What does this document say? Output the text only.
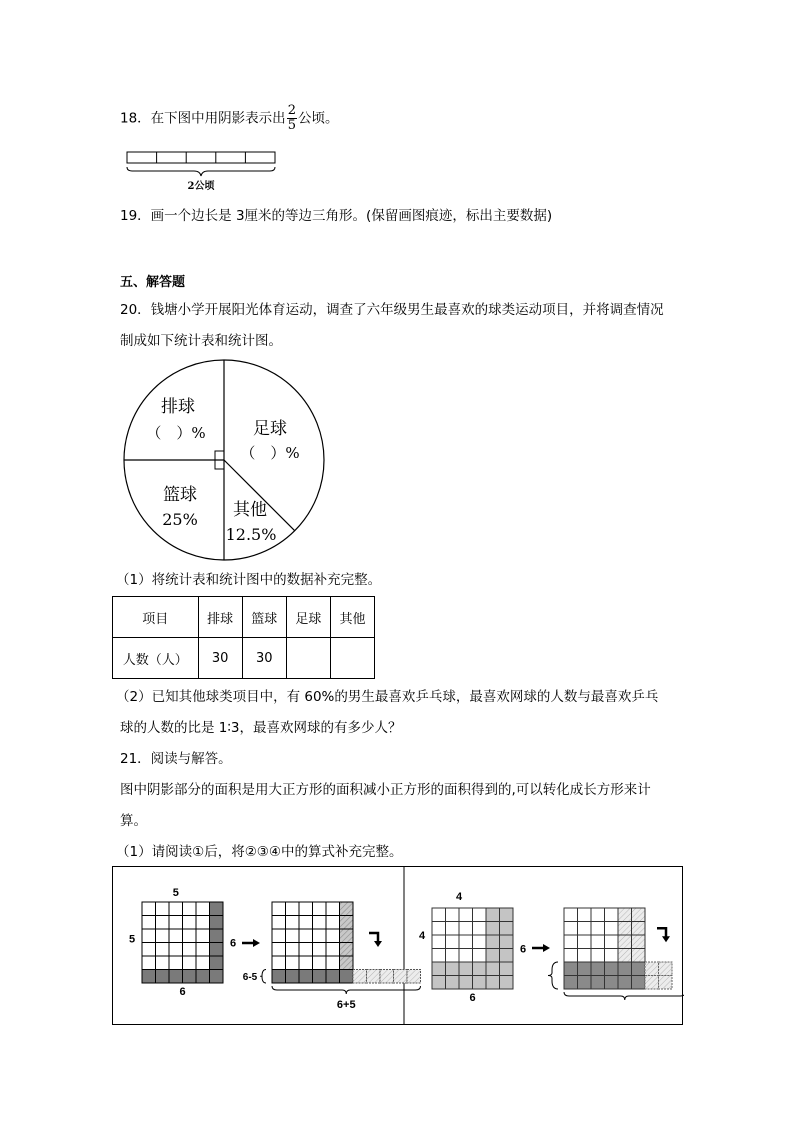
18．在下图中用阴影表示出 $\frac{2}{5}$ 公顷。
2公顷
19．画一个边长是 3厘米的等边三角形。(保留画图痕迹，标出主要数据)
五、解答题
20．钱塘小学开展阳光体育运动，调查了六年级男生最喜欢的球类运动项目，并将调查情况
制成如下统计表和统计图。
排球
（　）%	足球
（　）%
篮球
25% 其他
12.5%
（1）将统计表和统计图中的数据补充完整。
项目	排球	篮球	足球	其他
人数（人）	30	30		
（2）已知其他球类项目中，有 60%的男生最喜欢乒乓球，最喜欢网球的人数与最喜欢乒乓
球的人数的比是 1∶3，最喜欢网球的有多少人？
21．阅读与解答。
图中阴影部分的面积是用大正方形的面积减小正方形的面积得到的,可以转化成长方形来计
算。
（1）请阅读①后，将②③④中的算式补充完整。
5
5	6
6
6-5
6+5
4
4
6
6
